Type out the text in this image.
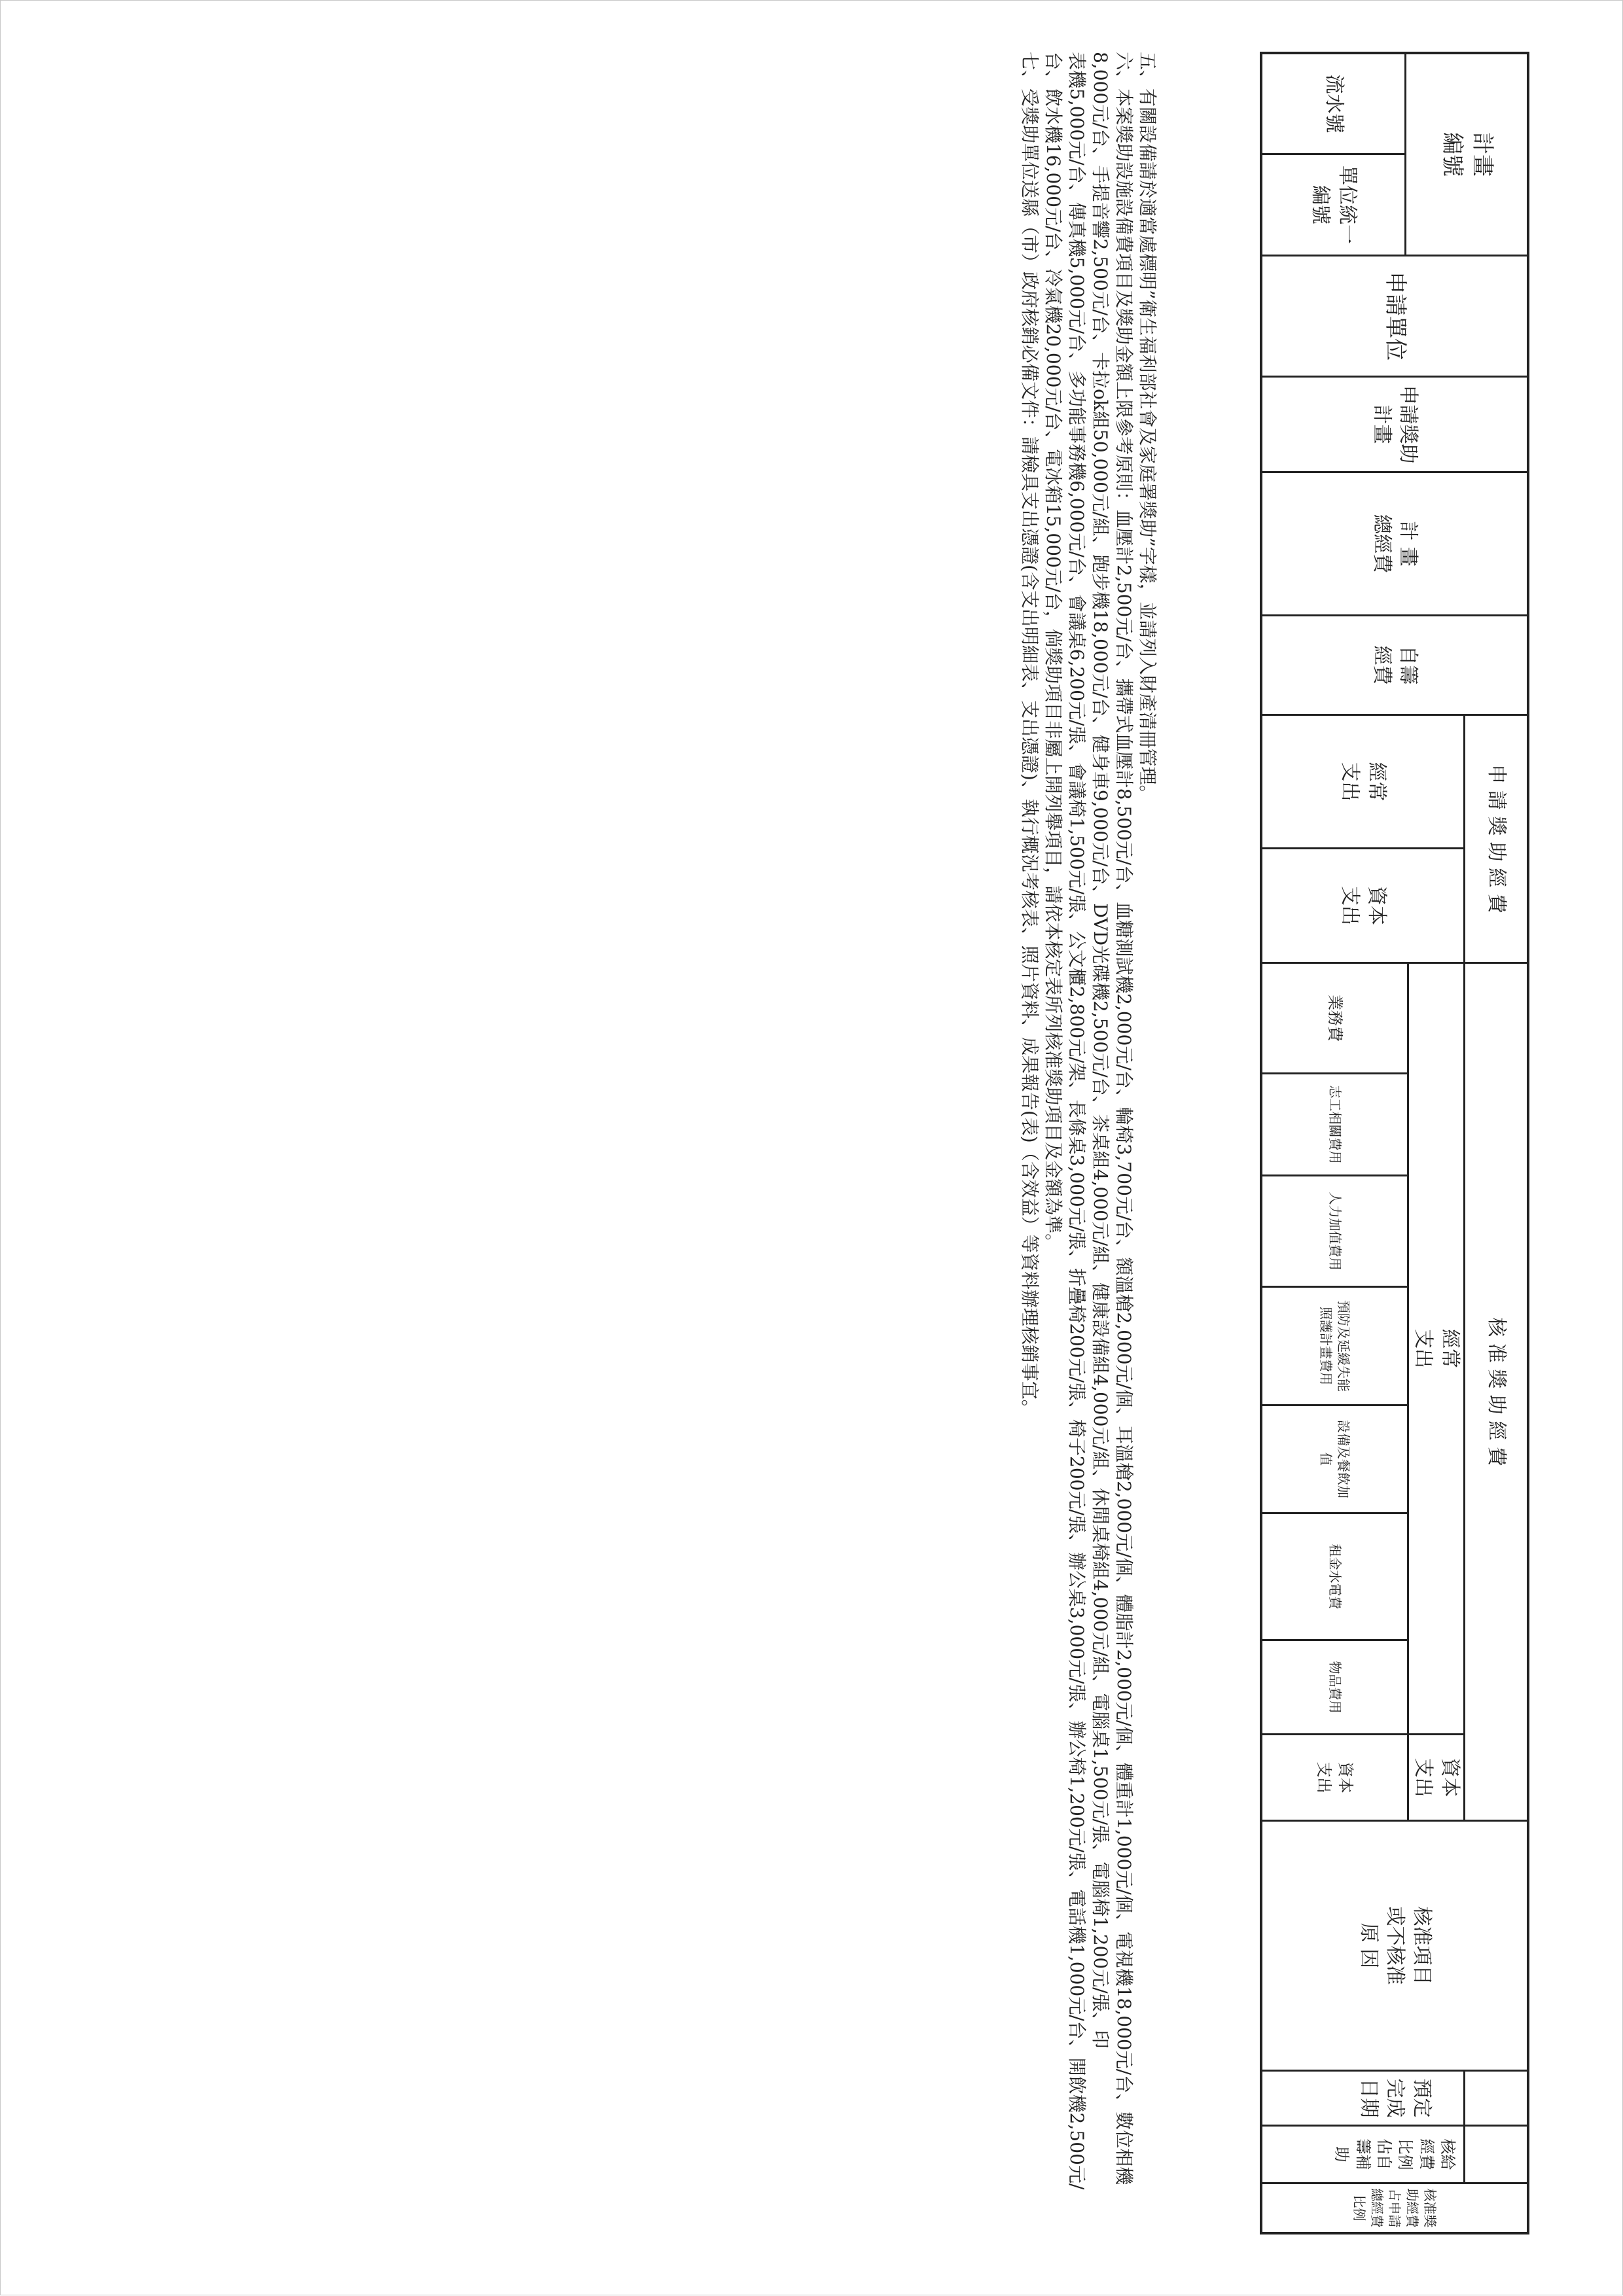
計畫
編號
流水號
單位統一
編號
申請單位
申請獎助
計畫
計 畫
總經費
自籌
經費
申 請 獎 助 經 費
經常
支出
資本
支出
核 准 獎 助 經 費
經常
支出
資本
支出
業務費
志工相關費用
人力加值費用
預防及延緩失能
照護計畫費用
設備及餐飲加
值
租金水電費
物品費用
資本
支出
核准項目
或不核准
原 因
預定
完成
日期
核給
經費
比例
佔自
籌補
助
核准獎
助經費
占申請
總經費
比例
五、有關設備請於適當處標明”衛生福利部社會及家庭署獎助”字樣，並請列入財產清冊管理。
六、本案獎助設施設備費項目及獎助金額上限參考原則：血壓計2,500元/台、攜帶式血壓計8,500元/台、血糖測試機2,000元/台、輪椅3,700元/台、額溫槍2,000元/個、耳溫槍2,000元/個、體脂計2,000元/個、體重計1,000元/個、電視機18,000元/台、數位相機
8,000元/台、手提音響2,500元/台、卡拉ok組50,000元/組、跑步機18,000元/台、健身車9,000元/台、DVD光碟機2,500元/台、茶桌組4,000元/組、健康設備組4,000元/組、休閒桌椅組4,000元/組、電腦桌1,500元/張、電腦椅1,200元/張、印
表機5,000元/台、傳真機5,000元/台、多功能事務機6,000元/台、會議桌6,200元/張、會議椅1,500元/張、公文櫃2,800元/架、長條桌3,000元/張、折疊椅200元/張、椅子200元/張、辦公桌3,000元/張、辦公椅1,200元/張、電話機1,000元/台、開飲機2,500元/
台、飲水機16,000元/台、冷氣機20,000元/台、電冰箱15,000元/台，倘獎助項目非屬上開列舉項目，請依本核定表所列核准獎助項目及金額為準。
七、受獎助單位送縣（市）政府核銷必備文件：請檢具支出憑證(含支出明細表、支出憑證)、執行概況考核表、照片資料、成果報告(表)（含效益）等資料辦理核銷事宜。
